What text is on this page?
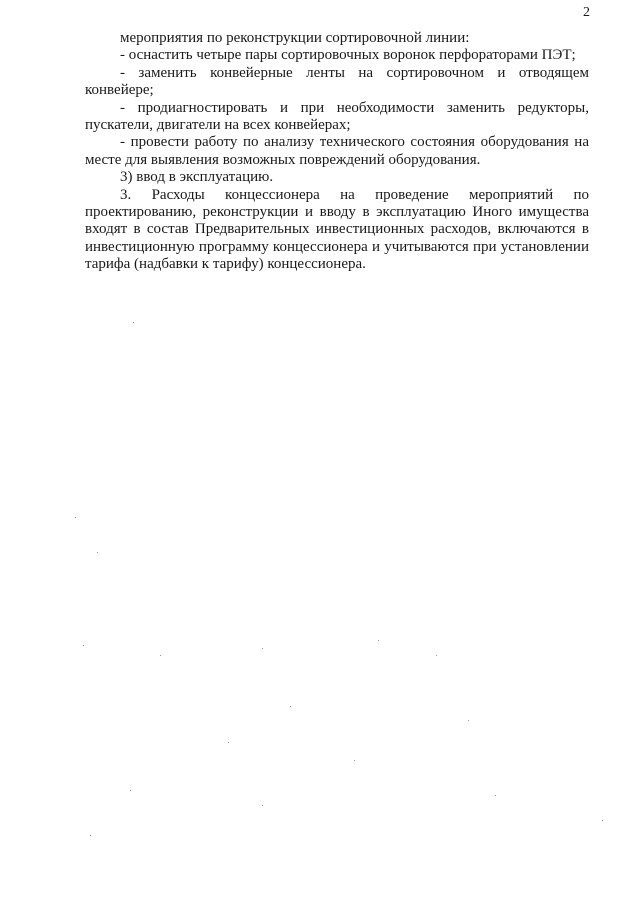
2

мероприятия по реконструкции сортировочной линии:

- оснастить четыре пары сортировочных воронок перфораторами ПЭТ;

- заменить конвейерные ленты на сортировочном и отводящем конвейере;

- продиагностировать и при необходимости заменить редукторы, пускатели, двигатели на всех конвейерах;

- провести работу по анализу технического состояния оборудования на месте для выявления возможных повреждений оборудования.

3) ввод в эксплуатацию.

3. Расходы концессионера на проведение мероприятий по проектированию, реконструкции и вводу в эксплуатацию Иного имущества входят в состав Предварительных инвестиционных расходов, включаются в инвестиционную программу концессионера и учитываются при установлении тарифа (надбавки к тарифу) концессионера.
